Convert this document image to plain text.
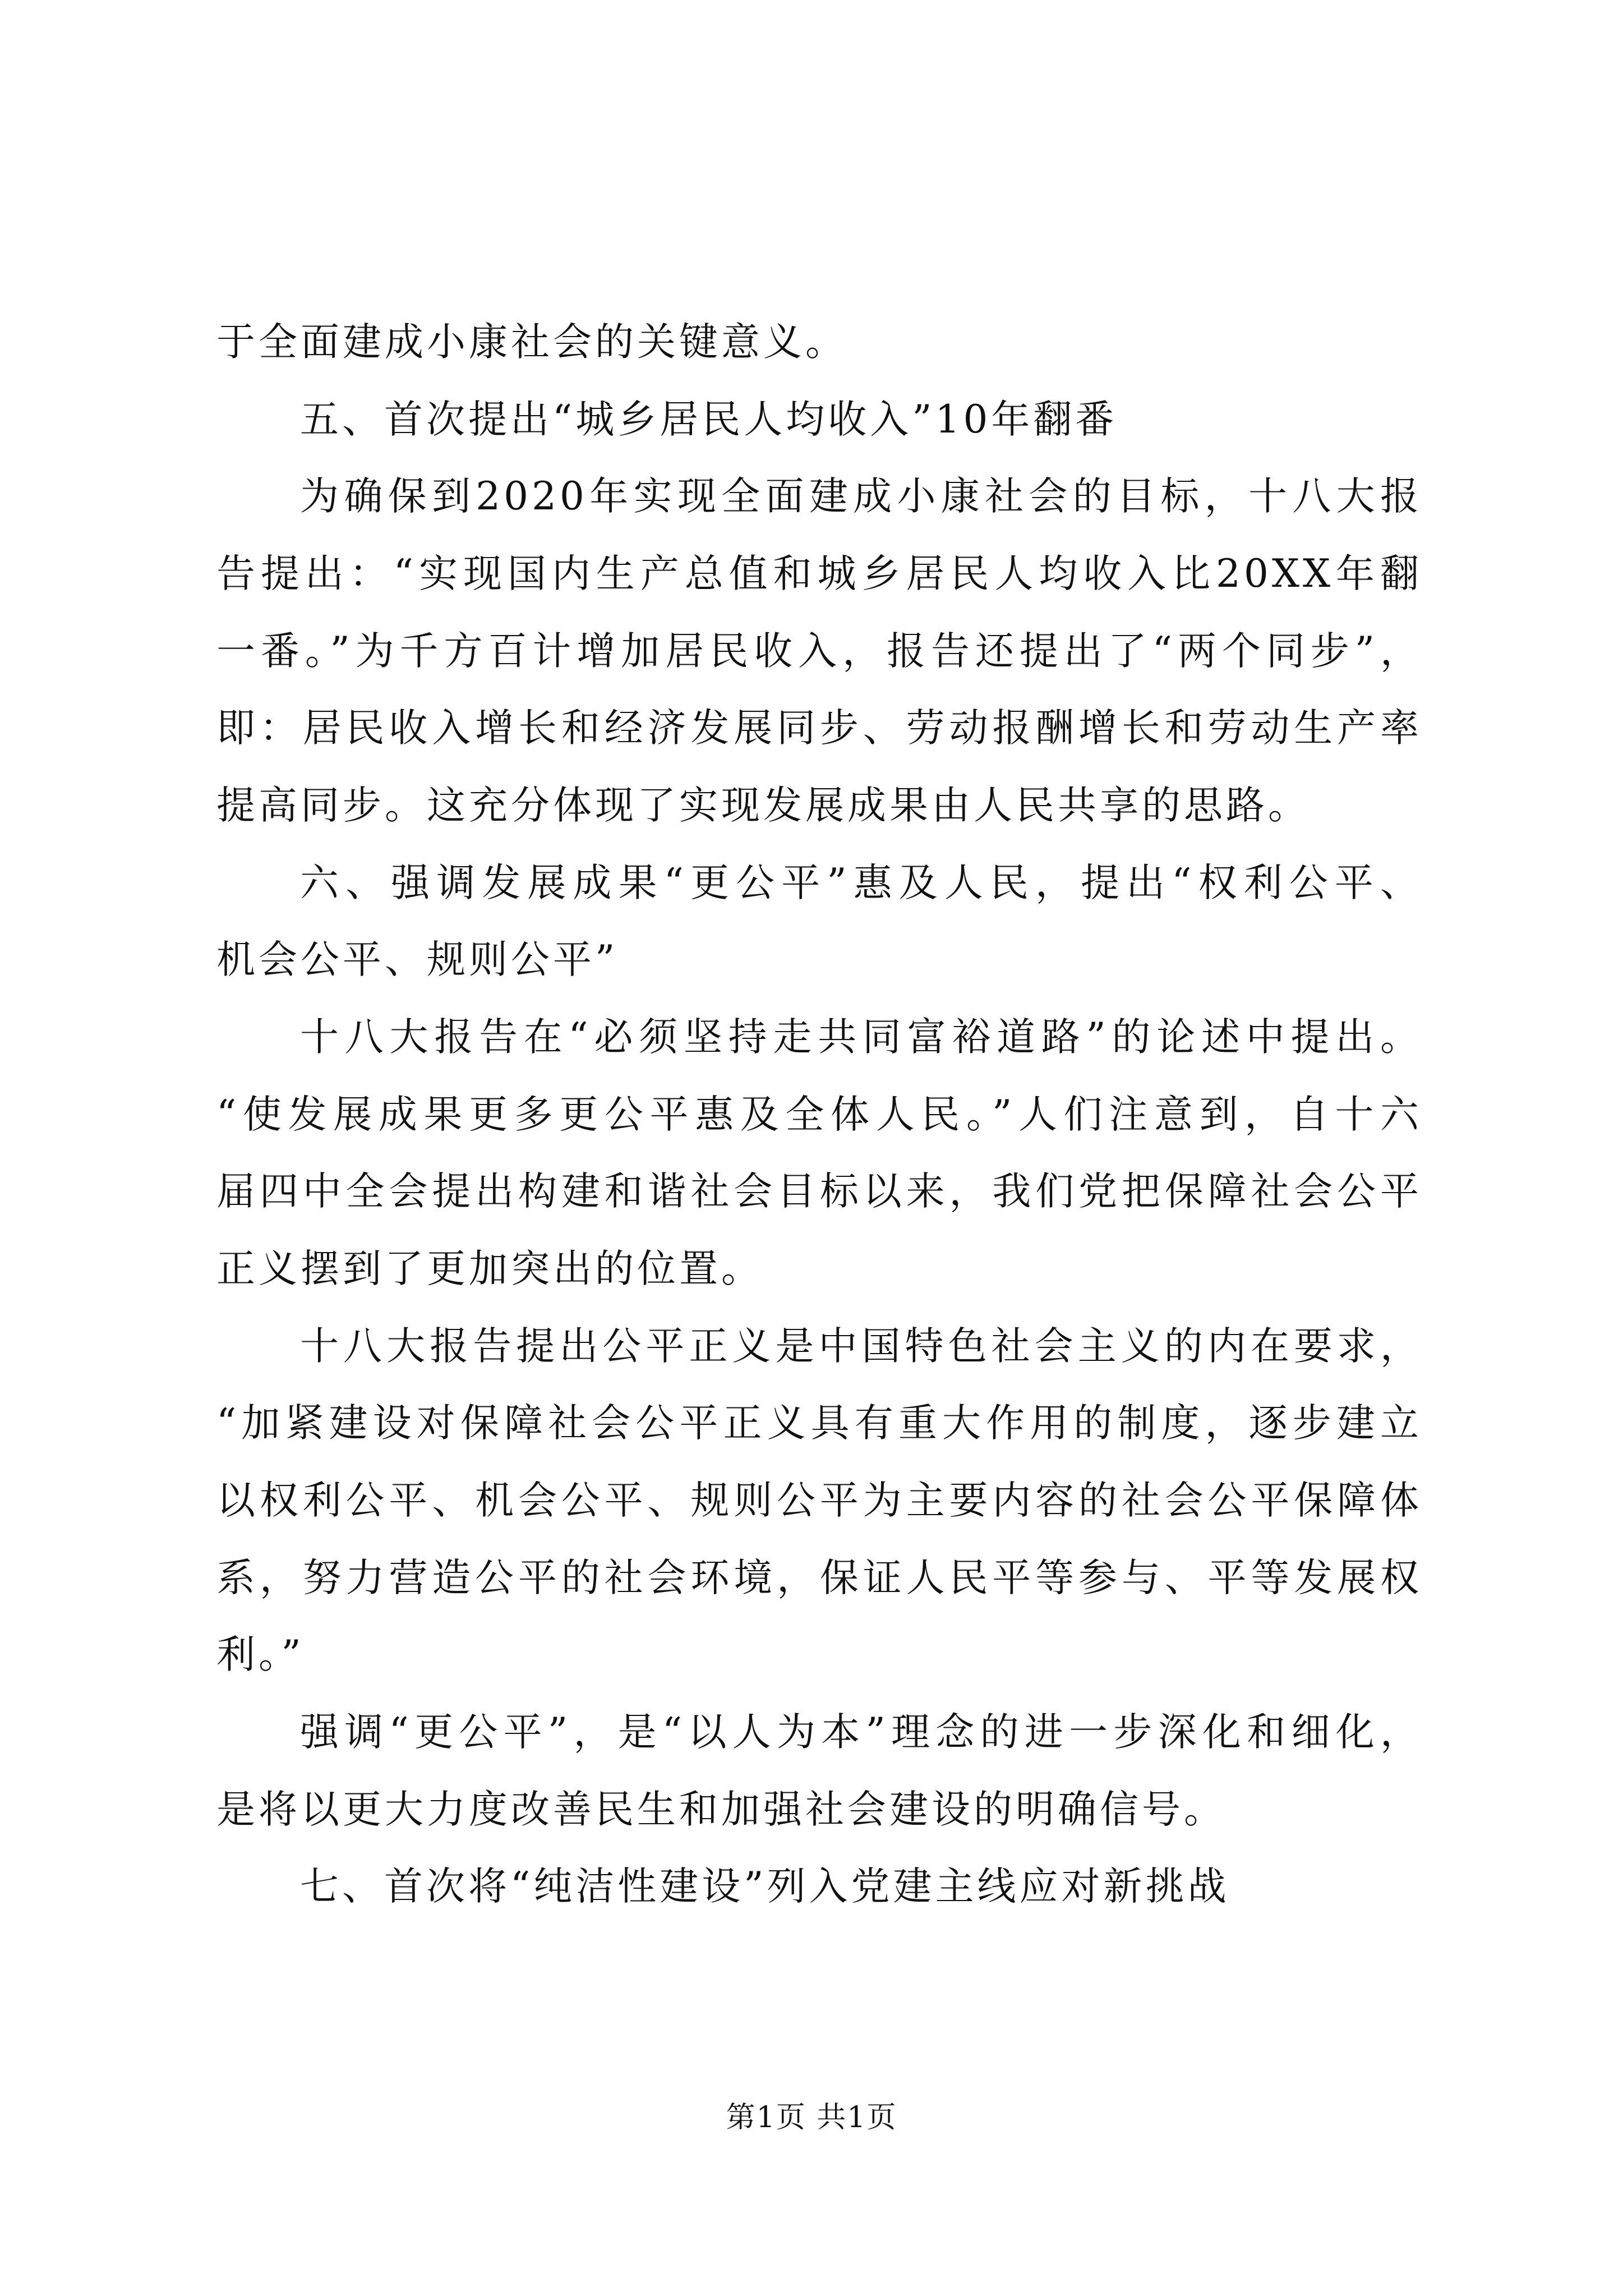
于全面建成小康社会的关键意义。
五、首次提出“城乡居民人均收入”10年翻番
为确保到2020年实现全面建成小康社会的目标，十八大报
告提出：“实现国内生产总值和城乡居民人均收入比20XX年翻
一番。”为千方百计增加居民收入，报告还提出了“两个同步”，
即：居民收入增长和经济发展同步、劳动报酬增长和劳动生产率
提高同步。这充分体现了实现发展成果由人民共享的思路。
六、强调发展成果“更公平”惠及人民，提出“权利公平、
机会公平、规则公平”
十八大报告在“必须坚持走共同富裕道路”的论述中提出。
“使发展成果更多更公平惠及全体人民。”人们注意到，自十六
届四中全会提出构建和谐社会目标以来，我们党把保障社会公平
正义摆到了更加突出的位置。
十八大报告提出公平正义是中国特色社会主义的内在要求，
“加紧建设对保障社会公平正义具有重大作用的制度，逐步建立
以权利公平、机会公平、规则公平为主要内容的社会公平保障体
系，努力营造公平的社会环境，保证人民平等参与、平等发展权
利。”
强调“更公平”，是“以人为本”理念的进一步深化和细化，
是将以更大力度改善民生和加强社会建设的明确信号。
七、首次将“纯洁性建设”列入党建主线应对新挑战
第1页 共1页
